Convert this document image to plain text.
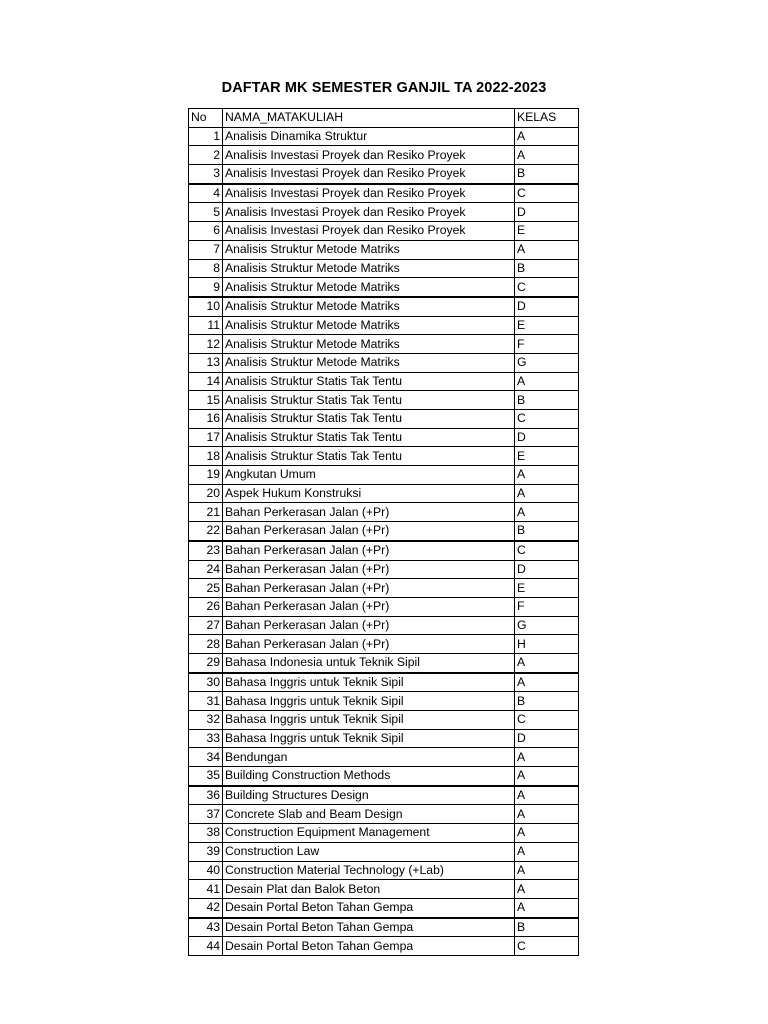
DAFTAR MK SEMESTER GANJIL TA 2022-2023
No	NAMA_MATAKULIAH	KELAS
1	Analisis Dinamika Struktur	A
2	Analisis Investasi Proyek dan Resiko Proyek	A
3	Analisis Investasi Proyek dan Resiko Proyek	B
4	Analisis Investasi Proyek dan Resiko Proyek	C
5	Analisis Investasi Proyek dan Resiko Proyek	D
6	Analisis Investasi Proyek dan Resiko Proyek	E
7	Analisis Struktur Metode Matriks	A
8	Analisis Struktur Metode Matriks	B
9	Analisis Struktur Metode Matriks	C
10	Analisis Struktur Metode Matriks	D
11	Analisis Struktur Metode Matriks	E
12	Analisis Struktur Metode Matriks	F
13	Analisis Struktur Metode Matriks	G
14	Analisis Struktur Statis Tak Tentu	A
15	Analisis Struktur Statis Tak Tentu	B
16	Analisis Struktur Statis Tak Tentu	C
17	Analisis Struktur Statis Tak Tentu	D
18	Analisis Struktur Statis Tak Tentu	E
19	Angkutan Umum	A
20	Aspek Hukum Konstruksi	A
21	Bahan Perkerasan Jalan (+Pr)	A
22	Bahan Perkerasan Jalan (+Pr)	B
23	Bahan Perkerasan Jalan (+Pr)	C
24	Bahan Perkerasan Jalan (+Pr)	D
25	Bahan Perkerasan Jalan (+Pr)	E
26	Bahan Perkerasan Jalan (+Pr)	F
27	Bahan Perkerasan Jalan (+Pr)	G
28	Bahan Perkerasan Jalan (+Pr)	H
29	Bahasa Indonesia untuk Teknik Sipil	A
30	Bahasa Inggris untuk Teknik Sipil	A
31	Bahasa Inggris untuk Teknik Sipil	B
32	Bahasa Inggris untuk Teknik Sipil	C
33	Bahasa Inggris untuk Teknik Sipil	D
34	Bendungan	A
35	Building Construction Methods	A
36	Building Structures Design	A
37	Concrete Slab and Beam Design	A
38	Construction Equipment Management	A
39	Construction Law	A
40	Construction Material Technology (+Lab)	A
41	Desain Plat dan Balok Beton	A
42	Desain Portal Beton Tahan Gempa	A
43	Desain Portal Beton Tahan Gempa	B
44	Desain Portal Beton Tahan Gempa	C
